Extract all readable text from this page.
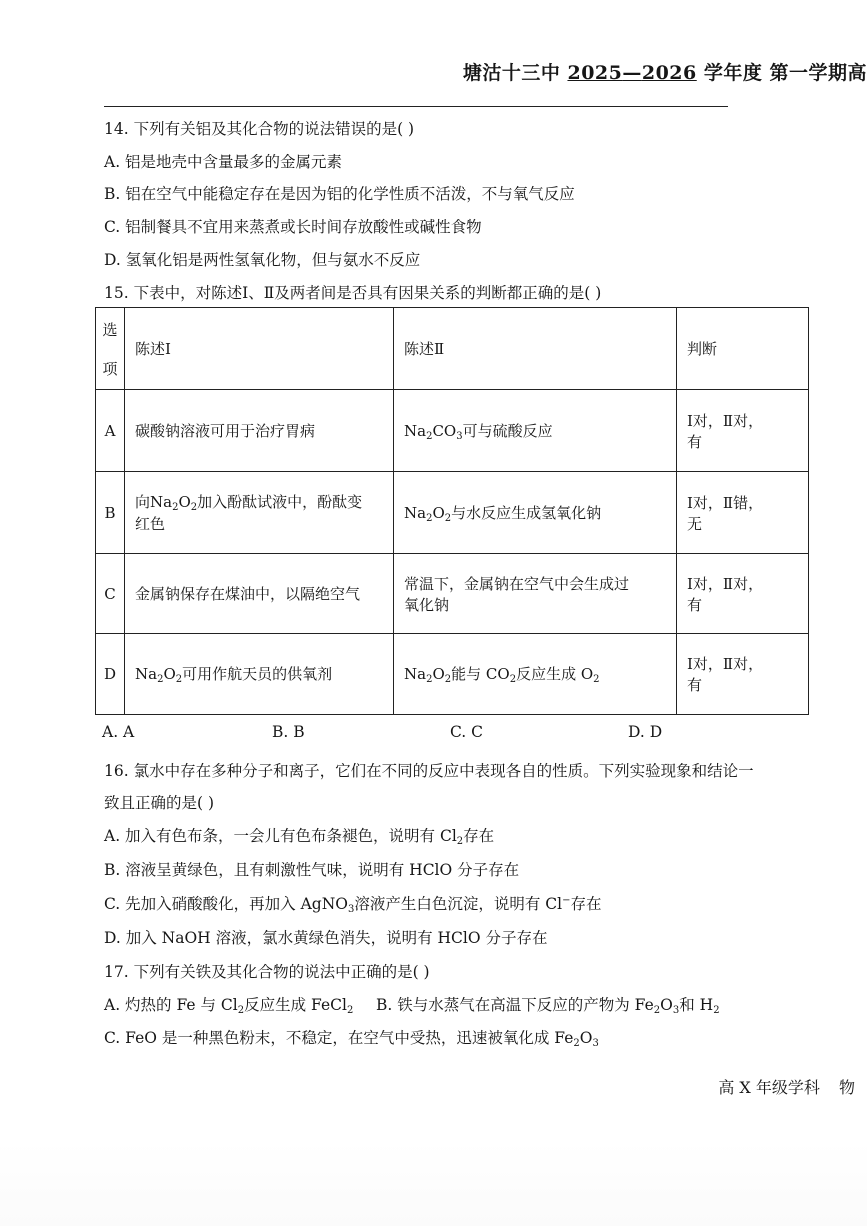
塘沽十三中 2025—2026 学年度 第一学期高
14. 下列有关铝及其化合物的说法错误的是( )
A. 铝是地壳中含量最多的金属元素
B. 铝在空气中能稳定存在是因为铝的化学性质不活泼，不与氧气反应
C. 铝制餐具不宜用来蒸煮或长时间存放酸性或碱性食物
D. 氢氧化铝是两性氢氧化物，但与氨水不反应
15. 下表中，对陈述Ⅰ、Ⅱ及两者间是否具有因果关系的判断都正确的是( )
选

项	陈述Ⅰ	陈述Ⅱ	判断
A	碳酸钠溶液可用于治疗胃病	$Na_2CO_3$可与硫酸反应	Ⅰ对，Ⅱ对，
有
B	向$Na_2O_2$加入酚酞试液中，酚酞变
红色	$Na_2O_2$与水反应生成氢氧化钠	Ⅰ对，Ⅱ错，
无
C	金属钠保存在煤油中，以隔绝空气	常温下，金属钠在空气中会生成过
氧化钠	Ⅰ对，Ⅱ对，
有
D	$Na_2O_2$可用作航天员的供氧剂	$Na_2O_2$能与 $CO_2$反应生成 $O_2$	Ⅰ对，Ⅱ对，
有
A. A	B. B	C. C	D. D
16. 氯水中存在多种分子和离子，它们在不同的反应中表现各自的性质。下列实验现象和结论一
致且正确的是( )
A. 加入有色布条，一会儿有色布条褪色，说明有 $Cl_2$存在
B. 溶液呈黄绿色，且有刺激性气味，说明有 HClO 分子存在
C. 先加入硝酸酸化，再加入 AgNO$_3$溶液产生白色沉淀，说明有 Cl−存在
D. 加入 NaOH 溶液，氯水黄绿色消失，说明有 HClO 分子存在
17. 下列有关铁及其化合物的说法中正确的是( )
A. 灼热的 Fe 与 $Cl_2$反应生成 FeCl$_2$ B. 铁与水蒸气在高温下反应的产物为 $Fe_2O_3$和 $H_2$
C. FeO 是一种黑色粉末，不稳定，在空气中受热，迅速被氧化成 $Fe_2O_3$
高 X 年级学科 物
